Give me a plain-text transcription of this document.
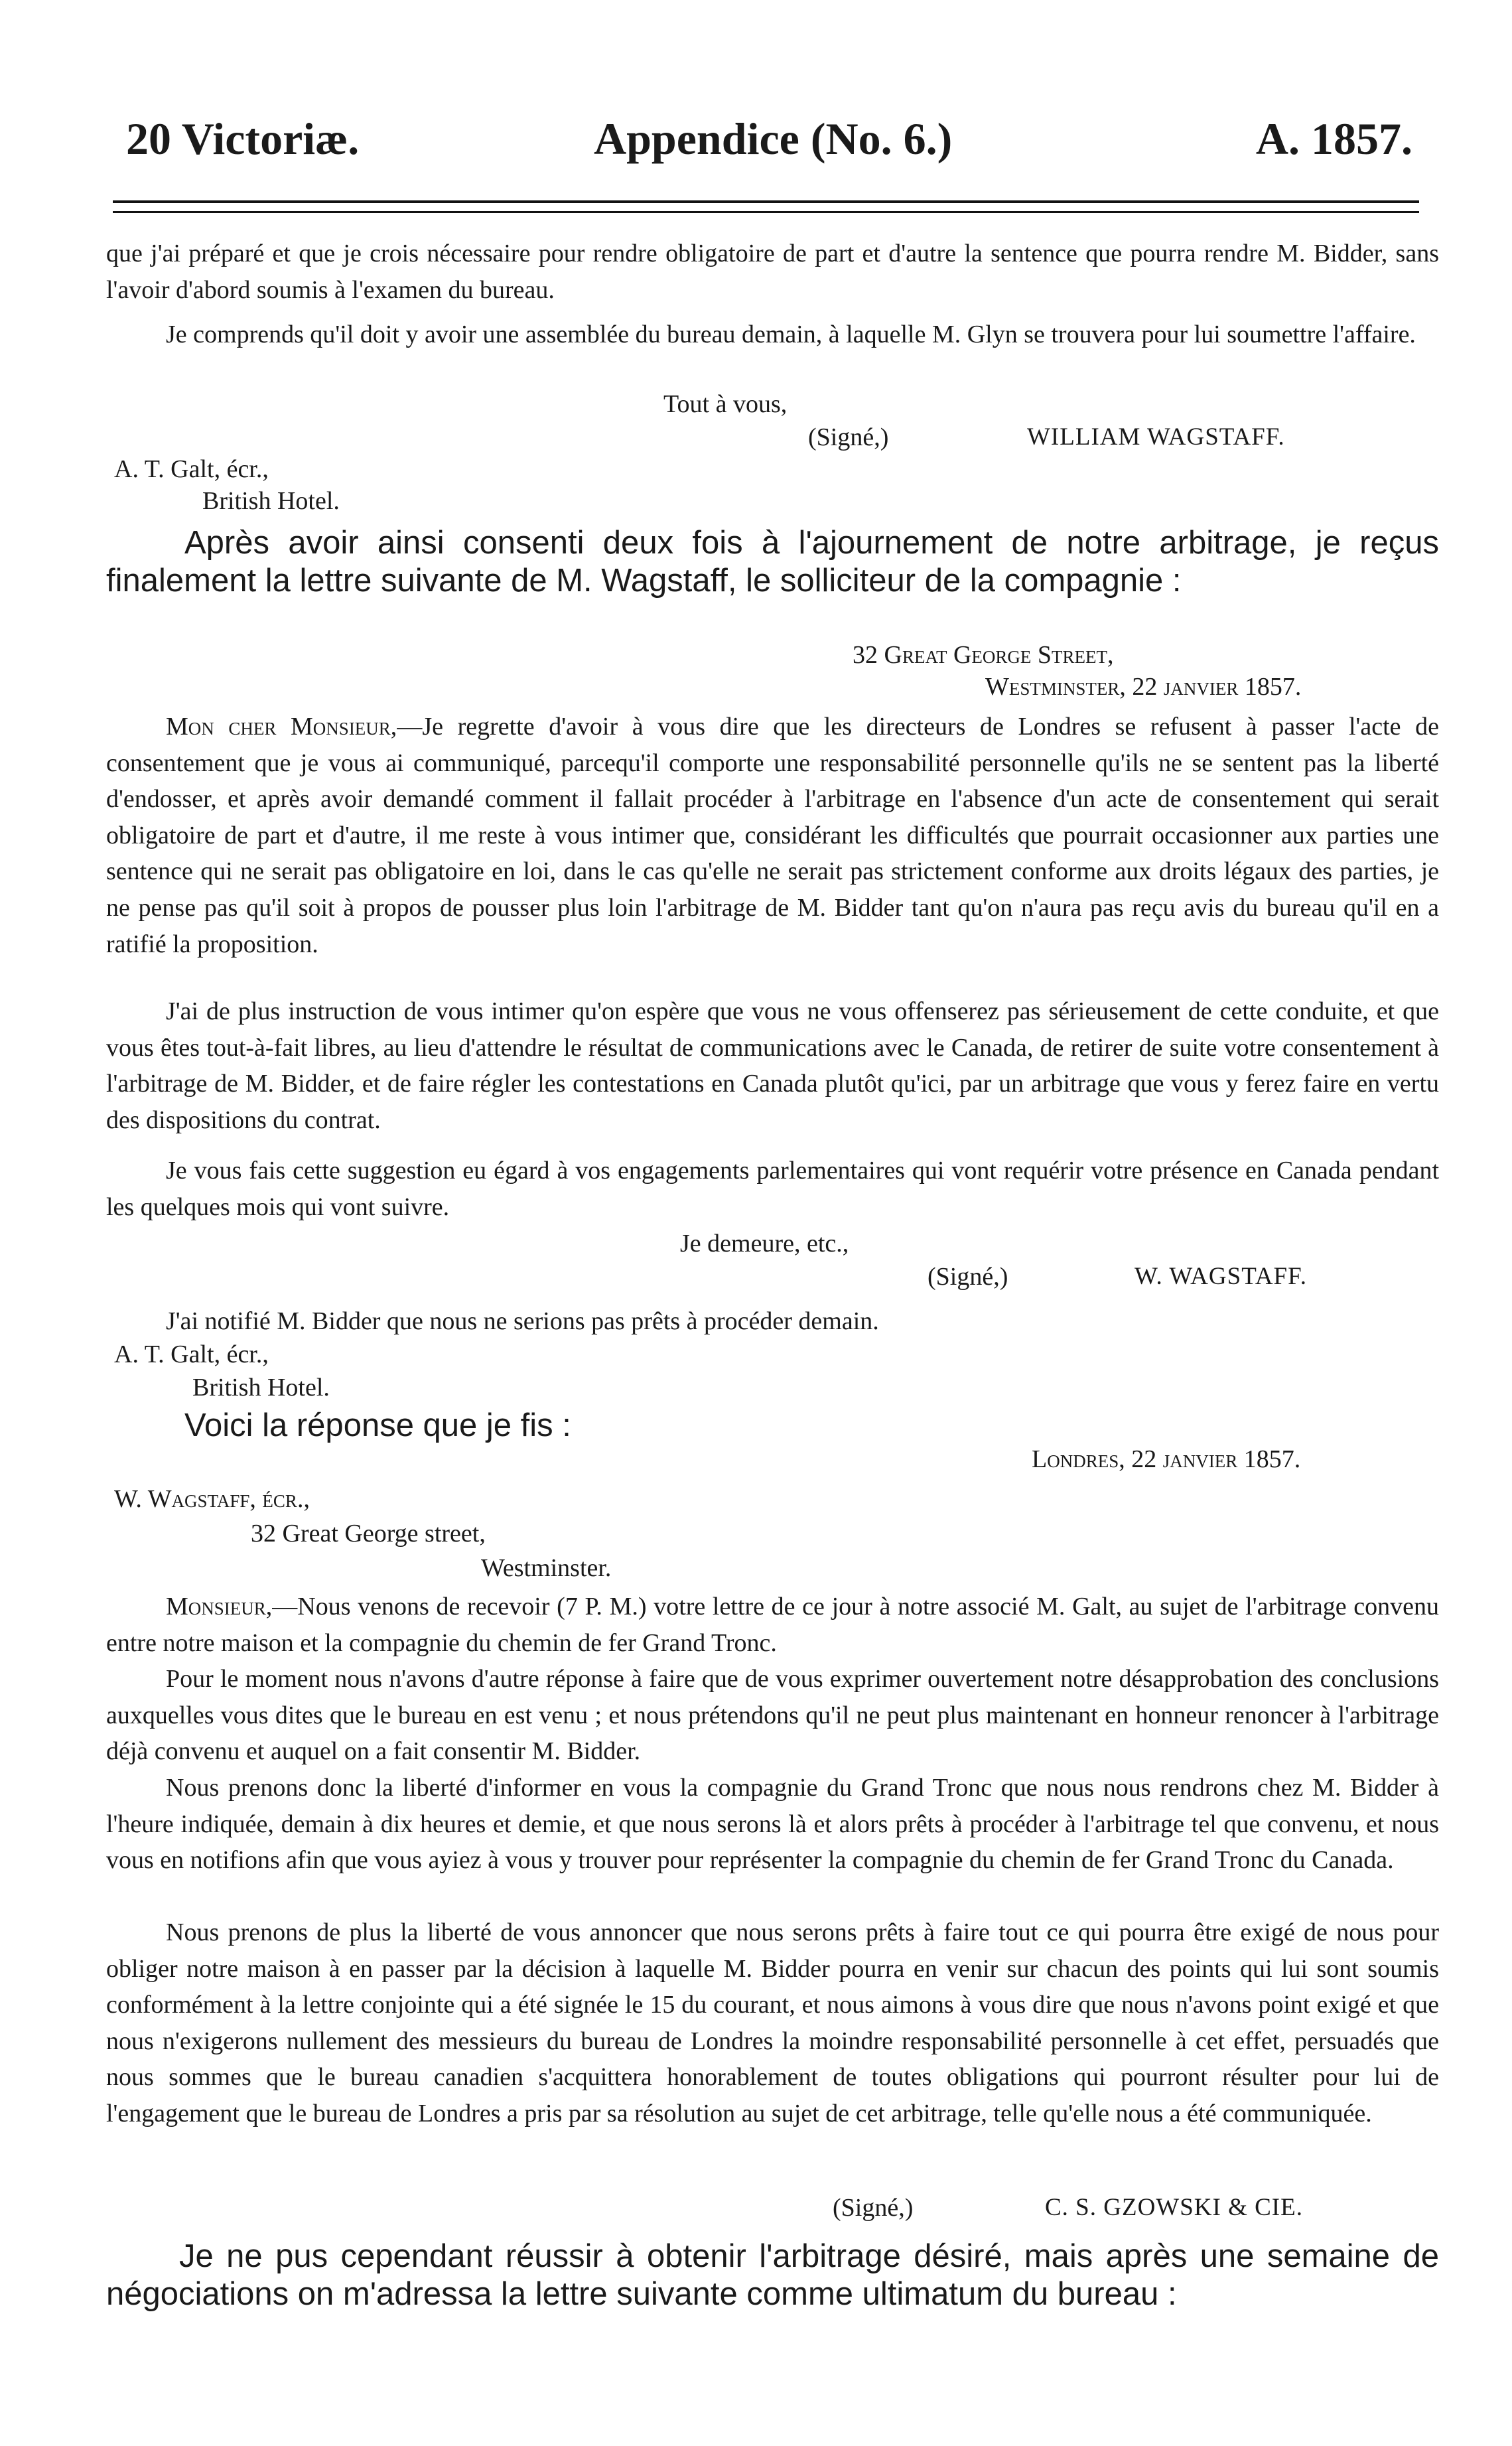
20 Victoriæ.	Appendice (No. 6.)	A. 1857.
que j'ai préparé et que je crois nécessaire pour rendre obligatoire de part et d'autre la sentence que pourra rendre M. Bidder, sans l'avoir d'abord soumis à l'examen du bureau.
Je comprends qu'il doit y avoir une assemblée du bureau demain, à laquelle M. Glyn se trouvera pour lui soumettre l'affaire.
Tout à vous,
(Signé,)	WILLIAM WAGSTAFF.
A. T. Galt, écr.,
British Hotel.
Après avoir ainsi consenti deux fois à l'ajournement de notre arbitrage, je reçus finalement la lettre suivante de M. Wagstaff, le solliciteur de la compagnie :
32 Great George Street,
Westminster, 22 janvier 1857.
Mon cher Monsieur,—Je regrette d'avoir à vous dire que les directeurs de Londres se refusent à passer l'acte de consentement que je vous ai communiqué, parcequ'il comporte une responsabilité personnelle qu'ils ne se sentent pas la liberté d'endosser, et après avoir demandé comment il fallait procéder à l'arbitrage en l'absence d'un acte de consentement qui serait obligatoire de part et d'autre, il me reste à vous intimer que, considérant les difficultés que pourrait occasionner aux parties une sentence qui ne serait pas obligatoire en loi, dans le cas qu'elle ne serait pas strictement conforme aux droits légaux des parties, je ne pense pas qu'il soit à propos de pousser plus loin l'arbitrage de M. Bidder tant qu'on n'aura pas reçu avis du bureau qu'il en a ratifié la proposition.
J'ai de plus instruction de vous intimer qu'on espère que vous ne vous offenserez pas sérieusement de cette conduite, et que vous êtes tout-à-fait libres, au lieu d'attendre le résultat de communications avec le Canada, de retirer de suite votre consentement à l'arbitrage de M. Bidder, et de faire régler les contestations en Canada plutôt qu'ici, par un arbitrage que vous y ferez faire en vertu des dispositions du contrat.
Je vous fais cette suggestion eu égard à vos engagements parlementaires qui vont requérir votre présence en Canada pendant les quelques mois qui vont suivre.
Je demeure, etc.,
(Signé,)	W. WAGSTAFF.
J'ai notifié M. Bidder que nous ne serions pas prêts à procéder demain.
A. T. Galt, écr.,
British Hotel.
Voici la réponse que je fis :
Londres, 22 janvier 1857.
W. Wagstaff, écr.,
32 Great George street,
Westminster.
Monsieur,—Nous venons de recevoir (7 P. M.) votre lettre de ce jour à notre associé M. Galt, au sujet de l'arbitrage convenu entre notre maison et la compagnie du chemin de fer Grand Tronc.
Pour le moment nous n'avons d'autre réponse à faire que de vous exprimer ouvertement notre désapprobation des conclusions auxquelles vous dites que le bureau en est venu ; et nous prétendons qu'il ne peut plus maintenant en honneur renoncer à l'arbitrage déjà convenu et auquel on a fait consentir M. Bidder.
Nous prenons donc la liberté d'informer en vous la compagnie du Grand Tronc que nous nous rendrons chez M. Bidder à l'heure indiquée, demain à dix heures et demie, et que nous serons là et alors prêts à procéder à l'arbitrage tel que convenu, et nous vous en notifions afin que vous ayiez à vous y trouver pour représenter la compagnie du chemin de fer Grand Tronc du Canada.
Nous prenons de plus la liberté de vous annoncer que nous serons prêts à faire tout ce qui pourra être exigé de nous pour obliger notre maison à en passer par la décision à laquelle M. Bidder pourra en venir sur chacun des points qui lui sont soumis conformément à la lettre conjointe qui a été signée le 15 du courant, et nous aimons à vous dire que nous n'avons point exigé et que nous n'exigerons nullement des messieurs du bureau de Londres la moindre responsabilité personnelle à cet effet, persuadés que nous sommes que le bureau canadien s'acquittera honorablement de toutes obligations qui pourront résulter pour lui de l'engagement que le bureau de Londres a pris par sa résolution au sujet de cet arbitrage, telle qu'elle nous a été communiquée.
(Signé,)	C. S. GZOWSKI & CIE.
Je ne pus cependant réussir à obtenir l'arbitrage désiré, mais après une semaine de négociations on m'adressa la lettre suivante comme ultimatum du bureau :
